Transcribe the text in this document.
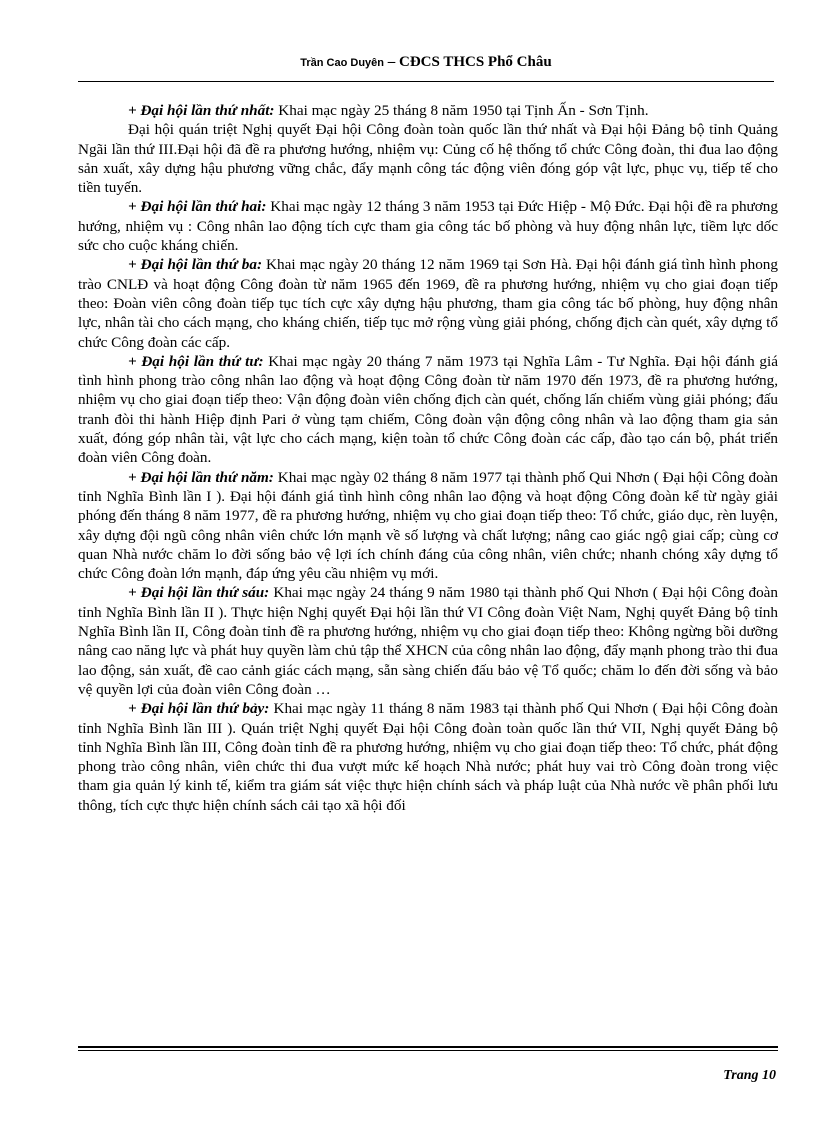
Trần Cao Duyên – CĐCS THCS Phổ Châu

+ Đại hội lần thứ nhất: Khai mạc ngày 25 tháng 8 năm 1950 tại Tịnh Ấn - Sơn Tịnh.

Đại hội quán triệt Nghị quyết Đại hội Công đoàn toàn quốc lần thứ nhất và Đại hội Đảng bộ tỉnh Quảng Ngãi lần thứ III.Đại hội đã đề ra phương hướng, nhiệm vụ: Củng cố hệ thống tổ chức Công đoàn, thi đua lao động sản xuất, xây dựng hậu phương vững chắc, đẩy mạnh công tác động viên đóng góp vật lực, phục vụ, tiếp tế cho tiền tuyến.

+ Đại hội lần thứ hai: Khai mạc ngày 12 tháng 3 năm 1953 tại Đức Hiệp - Mộ Đức. Đại hội đề ra phương hướng, nhiệm vụ : Công nhân lao động tích cực tham gia công tác bố phòng và huy động nhân lực, tiềm lực dốc sức cho cuộc kháng chiến.

+ Đại hội lần thứ ba: Khai mạc ngày 20 tháng 12 năm 1969 tại Sơn Hà. Đại hội đánh giá tình hình phong trào CNLĐ và hoạt động Công đoàn từ năm 1965 đến 1969, đề ra phương hướng, nhiệm vụ cho giai đoạn tiếp theo: Đoàn viên công đoàn tiếp tục tích cực xây dựng hậu phương, tham gia công tác bố phòng, huy động nhân lực, nhân tài cho cách mạng, cho kháng chiến, tiếp tục mở rộng vùng giải phóng, chống địch càn quét, xây dựng tổ chức Công đoàn các cấp.

+ Đại hội lần thứ tư: Khai mạc ngày 20 tháng 7 năm 1973 tại Nghĩa Lâm - Tư Nghĩa. Đại hội đánh giá tình hình phong trào công nhân lao động và hoạt động Công đoàn từ năm 1970 đến 1973, đề ra phương hướng, nhiệm vụ cho giai đoạn tiếp theo: Vận động đoàn viên chống địch càn quét, chống lấn chiếm vùng giải phóng; đấu tranh đòi thi hành Hiệp định Pari ở vùng tạm chiếm, Công đoàn vận động công nhân và lao động tham gia sản xuất, đóng góp nhân tài, vật lực cho cách mạng, kiện toàn tổ chức Công đoàn các cấp, đào tạo cán bộ, phát triển đoàn viên Công đoàn.

+ Đại hội lần thứ năm: Khai mạc ngày 02 tháng 8 năm 1977 tại thành phố Qui Nhơn ( Đại hội Công đoàn tỉnh Nghĩa Bình lần I ). Đại hội đánh giá tình hình công nhân lao động và hoạt động Công đoàn kể từ ngày giải phóng đến tháng 8 năm 1977, đề ra phương hướng, nhiệm vụ cho giai đoạn tiếp theo: Tổ chức, giáo dục, rèn luyện, xây dựng đội ngũ công nhân viên chức lớn mạnh về số lượng và chất lượng; nâng cao giác ngộ giai cấp; cùng cơ quan Nhà nước chăm lo đời sống bảo vệ lợi ích chính đáng của công nhân, viên chức; nhanh chóng xây dựng tổ chức Công đoàn lớn mạnh, đáp ứng yêu cầu nhiệm vụ mới.

+ Đại hội lần thứ sáu: Khai mạc ngày 24 tháng 9 năm 1980 tại thành phố Qui Nhơn ( Đại hội Công đoàn tỉnh Nghĩa Bình lần II ). Thực hiện Nghị quyết Đại hội lần thứ VI Công đoàn Việt Nam, Nghị quyết Đảng bộ tỉnh Nghĩa Bình lần II, Công đoàn tỉnh đề ra phương hướng, nhiệm vụ cho giai đoạn tiếp theo: Không ngừng bồi dưỡng nâng cao năng lực và phát huy quyền làm chủ tập thể XHCN của công nhân lao động, đẩy mạnh phong trào thi đua lao động, sản xuất, đề cao cảnh giác cách mạng, sẵn sàng chiến đấu bảo vệ Tổ quốc; chăm lo đến đời sống và bảo vệ quyền lợi của đoàn viên Công đoàn …

+ Đại hội lần thứ bảy: Khai mạc ngày 11 tháng 8 năm 1983 tại thành phố Qui Nhơn ( Đại hội Công đoàn tỉnh Nghĩa Bình lần III ). Quán triệt Nghị quyết Đại hội Công đoàn toàn quốc lần thứ VII, Nghị quyết Đảng bộ tỉnh Nghĩa Bình lần III, Công đoàn tỉnh đề ra phương hướng, nhiệm vụ cho giai đoạn tiếp theo: Tổ chức, phát động phong trào công nhân, viên chức thi đua vượt mức kế hoạch Nhà nước; phát huy vai trò Công đoàn trong việc tham gia quản lý kinh tế, kiểm tra giám sát việc thực hiện chính sách và pháp luật của Nhà nước về phân phối lưu thông, tích cực thực hiện chính sách cải tạo xã hội đối

Trang 10
